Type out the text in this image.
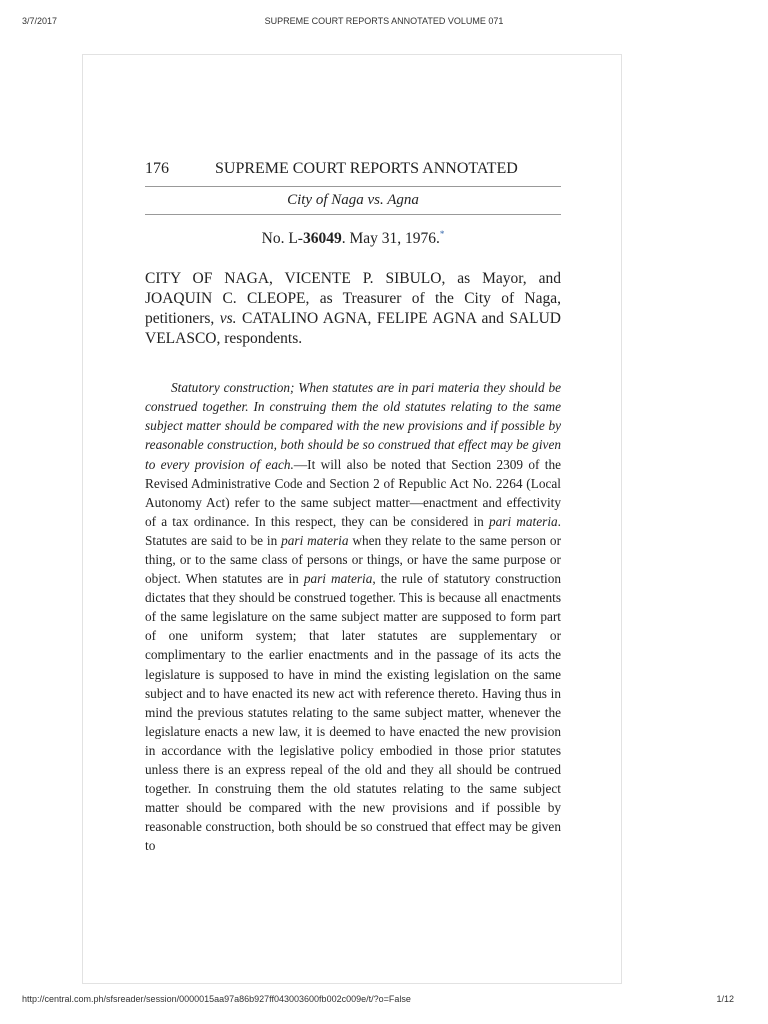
3/7/2017	SUPREME COURT REPORTS ANNOTATED VOLUME 071
176	SUPREME COURT REPORTS ANNOTATED
City of Naga vs. Agna
No. L-36049. May 31, 1976.*
CITY OF NAGA, VICENTE P. SIBULO, as Mayor, and JOAQUIN C. CLEOPE, as Treasurer of the City of Naga, petitioners, vs. CATALINO AGNA, FELIPE AGNA and SALUD VELASCO, respondents.
Statutory construction; When statutes are in pari materia they should be construed together. In construing them the old statutes relating to the same subject matter should be compared with the new provisions and if possible by reasonable construction, both should be so construed that effect may be given to every provision of each.—It will also be noted that Section 2309 of the Revised Administrative Code and Section 2 of Republic Act No. 2264 (Local Autonomy Act) refer to the same subject matter—enactment and effectivity of a tax ordinance. In this respect, they can be considered in pari materia. Statutes are said to be in pari materia when they relate to the same person or thing, or to the same class of persons or things, or have the same purpose or object. When statutes are in pari materia, the rule of statutory construction dictates that they should be construed together. This is because all enactments of the same legislature on the same subject matter are supposed to form part of one uniform system; that later statutes are supplementary or complimentary to the earlier enactments and in the passage of its acts the legislature is supposed to have in mind the existing legislation on the same subject and to have enacted its new act with reference thereto. Having thus in mind the previous statutes relating to the same subject matter, whenever the legislature enacts a new law, it is deemed to have enacted the new provision in accordance with the legislative policy embodied in those prior statutes unless there is an express repeal of the old and they all should be contrued together. In construing them the old statutes relating to the same subject matter should be compared with the new provisions and if possible by reasonable construction, both should be so construed that effect may be given to
http://central.com.ph/sfsreader/session/0000015aa97a86b927ff043003600fb002c009e/t/?o=False	1/12
